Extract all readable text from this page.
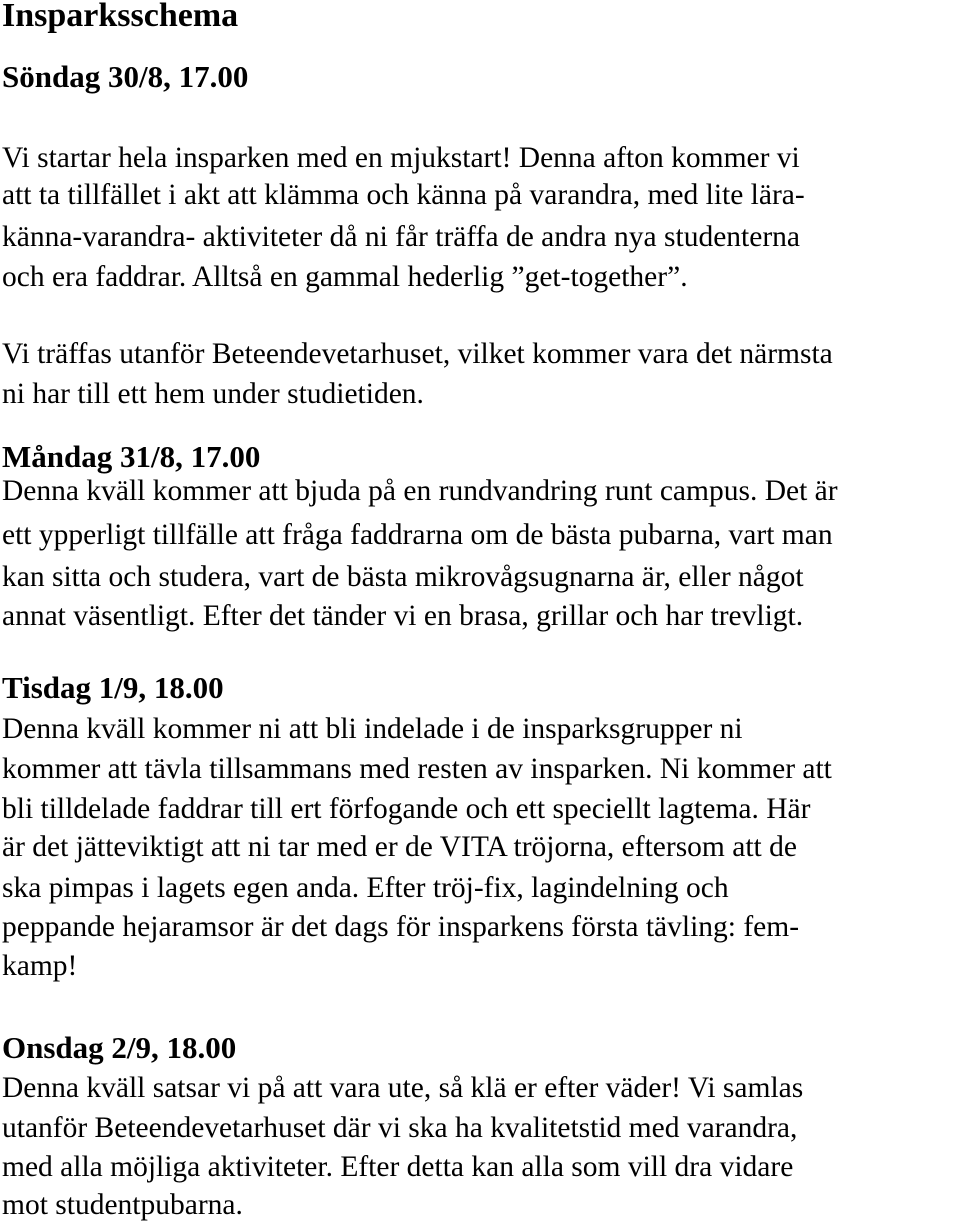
Insparksschema
Söndag 30/8, 17.00

Vi startar hela insparken med en mjukstart! Denna afton kommer vi

att ta tillfället i akt att klämma och känna på varandra, med lite lära-

känna-varandra- aktiviteter då ni får träffa de andra nya studenterna

och era faddrar. Alltså en gammal hederlig ”get-together”.

Vi träffas utanför Beteendevetarhuset, vilket kommer vara det närmsta

ni har till ett hem under studietiden.

Måndag 31/8, 17.00

Denna kväll kommer att bjuda på en rundvandring runt campus. Det är

ett ypperligt tillfälle att fråga faddrarna om de bästa pubarna, vart man

kan sitta och studera, vart de bästa mikrovågsugnarna är, eller något

annat väsentligt. Efter det tänder vi en brasa, grillar och har trevligt.

Tisdag 1/9, 18.00

Denna kväll kommer ni att bli indelade i de insparksgrupper ni

kommer att tävla tillsammans med resten av insparken. Ni kommer att

bli tilldelade faddrar till ert förfogande och ett speciellt lagtema. Här

är det jätteviktigt att ni tar med er de VITA tröjorna, eftersom att de

ska pimpas i lagets egen anda. Efter tröj-fix, lagindelning och

peppande hejaramsor är det dags för insparkens första tävling: fem-

kamp!

Onsdag 2/9, 18.00

Denna kväll satsar vi på att vara ute, så klä er efter väder! Vi samlas

utanför Beteendevetarhuset där vi ska ha kvalitetstid med varandra,

med alla möjliga aktiviteter. Efter detta kan alla som vill dra vidare

mot studentpubarna.
